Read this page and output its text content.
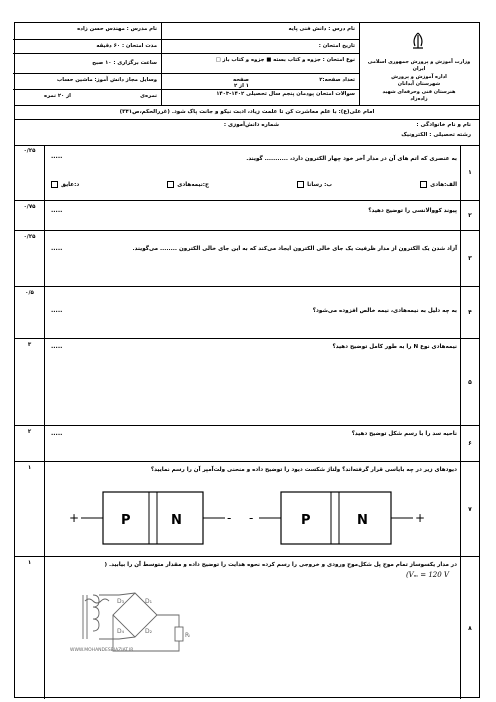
وزارت آموزش و پرورش جمهوری اسلامی
ایران
اداره آموزش و پرورش
شهرستان آبدانان
هنرستان فنی وحرفه‌ای شهید
زاده‌زاد
نام درس : دانش فنی پایه
تاریخ امتحان :
نوع امتحان : جزوه و کتاب بسته ■ جزوه و کتاب باز □
تعداد صفحه:۲
صفحه
۱ از ۲
سوالات امتحان پودمان پنجم سال تحصیلی ۱۴۰۲-۱۴۰۳
نام مدرس : مهندس حسن زاده
مدت امتحان : ۶۰ دقیقه
ساعت برگزاری : ۱۰ صبح
وسایل مجاز دانش آموز: ماشین حساب
نمره‌ی
از ۲۰ نمره
امام علی(ع): با علم معاشرت کن تا علمت زیاد، ادبت نیکو و جانت پاک شود. (غررالحکم،ص۳۴۱)
نام و نام خانوادگی :
شماره دانش‌آموزی :
رشته تحصیلی : الکترونیک
۱
۰/۲۵
به عنصری که اتم های آن در مدار آخر خود چهار الکترون دارد، ........... گویند.
.....
الف:هادی
ب: رسانا
ج:نیمه‌هادی
د:عایق
۲
۰/۷۵
پیوند کووالانسی را توضیح دهید؟
.....
۳
۰/۲۵
آزاد شدن یک الکترون از مدار ظرفیت یک جای خالی الکترون ایجاد می‌کند که به این جای خالی الکترون ........ می‌گویند.
.....
۴
۰/۵
به چه دلیل به نیمه‌هادی، نیمه خالص افزوده می‌شود؟
.....
۵
۳	نیمه‌هادی نوع N را به طور کامل توضیح دهید؟
.....
۶
۲	ناحیه سد را با رسم شکل توضیح دهید؟
.....
۷
۱	دیودهای زیر در چه بایاسی قرار گرفته‌اند؟ ولتاژ شکست دیود را توضیح داده و منحنی ولت‌آمپر آن را رسم نمایید؟
+	P	N	- -	P	N	+
۸
۱	در مدار یکسوساز تمام موج پل شکل‌موج ورودی و خروجی را رسم کرده نحوه هدایت را توضیح داده و مقدار متوسط آن را بیابید. (
(Vₘ = 120 V
D₃	D₁
D₄	D₂
Rₗ
WWW.MOHANDESBIAZIAT.IR
